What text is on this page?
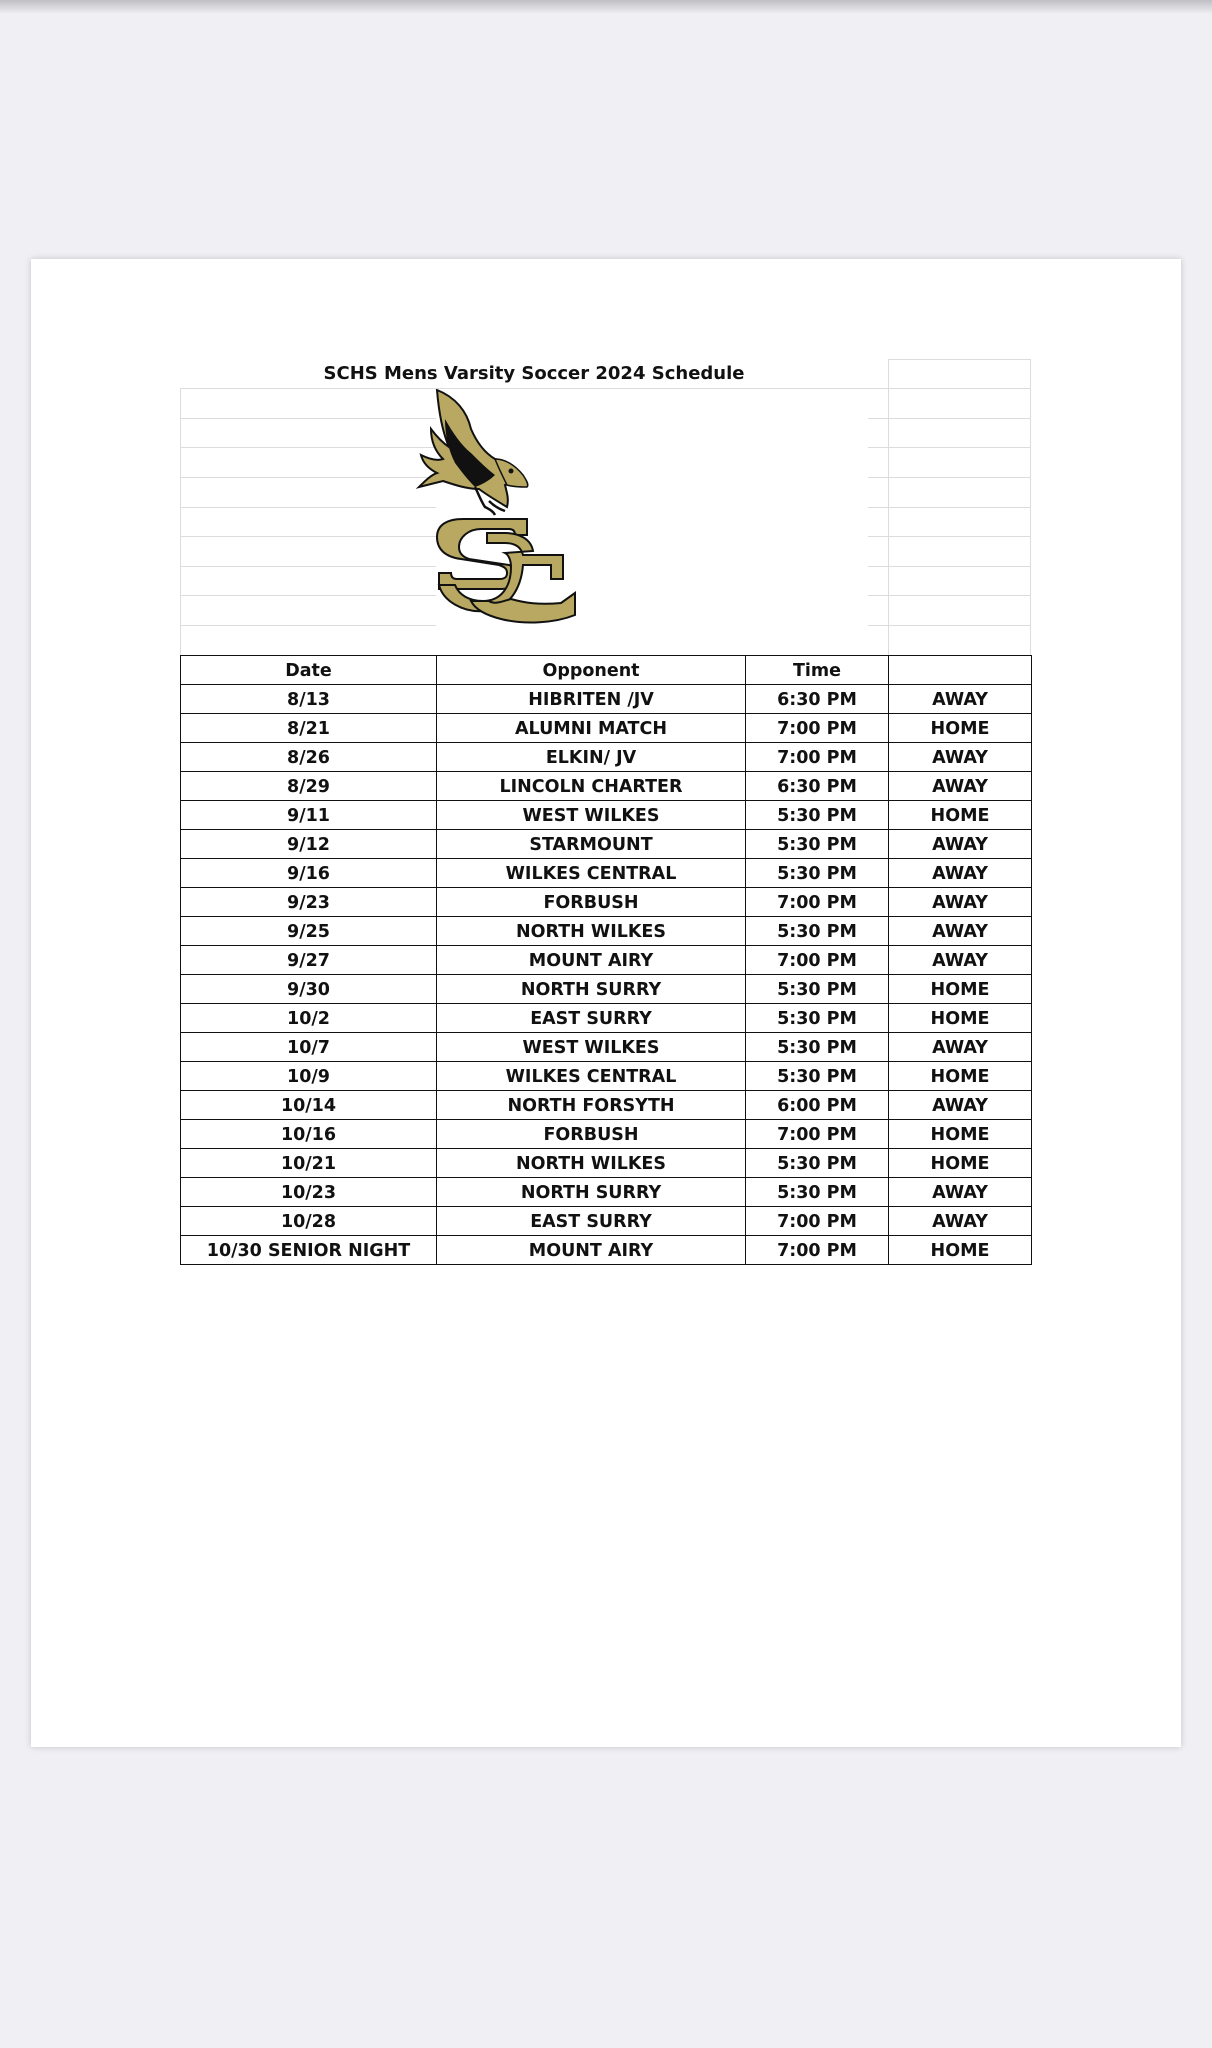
SCHS Mens Varsity Soccer 2024 Schedule
Date	Opponent	Time	
8/13	HIBRITEN /JV	6:30 PM	AWAY
8/21	ALUMNI MATCH	7:00 PM	HOME
8/26	ELKIN/ JV	7:00 PM	AWAY
8/29	LINCOLN CHARTER	6:30 PM	AWAY
9/11	WEST WILKES	5:30 PM	HOME
9/12	STARMOUNT	5:30 PM	AWAY
9/16	WILKES CENTRAL	5:30 PM	AWAY
9/23	FORBUSH	7:00 PM	AWAY
9/25	NORTH WILKES	5:30 PM	AWAY
9/27	MOUNT AIRY	7:00 PM	AWAY
9/30	NORTH SURRY	5:30 PM	HOME
10/2	EAST SURRY	5:30 PM	HOME
10/7	WEST WILKES	5:30 PM	AWAY
10/9	WILKES CENTRAL	5:30 PM	HOME
10/14	NORTH FORSYTH	6:00 PM	AWAY
10/16	FORBUSH	7:00 PM	HOME
10/21	NORTH WILKES	5:30 PM	HOME
10/23	NORTH SURRY	5:30 PM	AWAY
10/28	EAST SURRY	7:00 PM	AWAY
10/30 SENIOR NIGHT	MOUNT AIRY	7:00 PM	HOME
